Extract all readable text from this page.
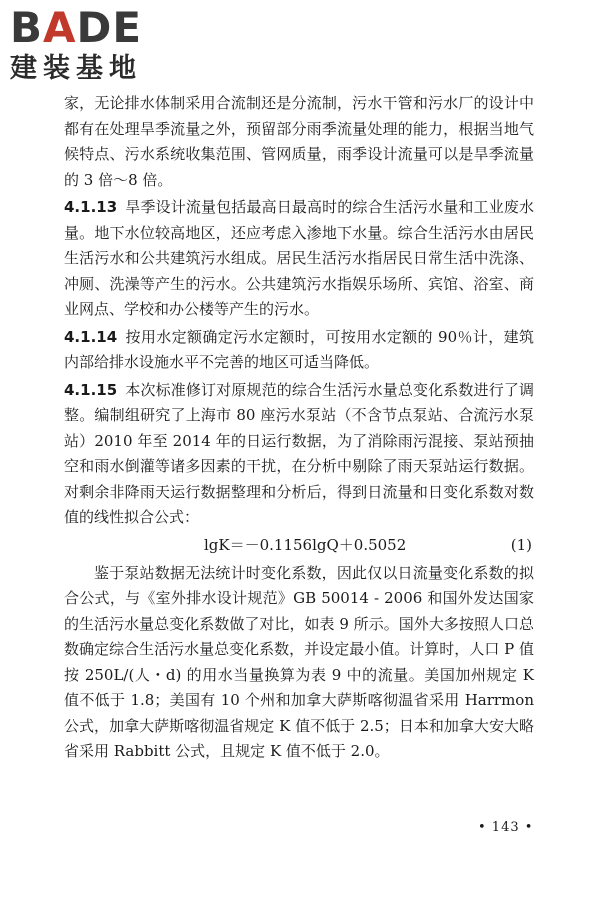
BADE
建装基地

家，无论排水体制采用合流制还是分流制，污水干管和污水厂的设计中都有在处理旱季流量之外，预留部分雨季流量处理的能力，根据当地气候特点、污水系统收集范围、管网质量，雨季设计流量可以是旱季流量的 3 倍～8 倍。

4.1.13 旱季设计流量包括最高日最高时的综合生活污水量和工业废水量。地下水位较高地区，还应考虑入渗地下水量。综合生活污水由居民生活污水和公共建筑污水组成。居民生活污水指居民日常生活中洗涤、冲厕、洗澡等产生的污水。公共建筑污水指娱乐场所、宾馆、浴室、商业网点、学校和办公楼等产生的污水。

4.1.14 按用水定额确定污水定额时，可按用水定额的 90％计，建筑内部给排水设施水平不完善的地区可适当降低。

4.1.15 本次标准修订对原规范的综合生活污水量总变化系数进行了调整。编制组研究了上海市 80 座污水泵站（不含节点泵站、合流污水泵站）2010 年至 2014 年的日运行数据，为了消除雨污混接、泵站预抽空和雨水倒灌等诸多因素的干扰，在分析中剔除了雨天泵站运行数据。对剩余非降雨天运行数据整理和分析后，得到日流量和日变化系数对数值的线性拟合公式：

lgK＝－0.1156lgQ＋0.5052	(1)

鉴于泵站数据无法统计时变化系数，因此仅以日流量变化系数的拟合公式，与《室外排水设计规范》GB 50014 - 2006 和国外发达国家的生活污水量总变化系数做了对比，如表 9 所示。国外大多按照人口总数确定综合生活污水量总变化系数，并设定最小值。计算时，人口 P 值按 250L/(人・d) 的用水当量换算为表 9 中的流量。美国加州规定 K 值不低于 1.8；美国有 10 个州和加拿大萨斯喀彻温省采用 Harrmon 公式，加拿大萨斯喀彻温省规定 K 值不低于 2.5；日本和加拿大安大略省采用 Rabbitt 公式，且规定 K 值不低于 2.0。

• 143 •
